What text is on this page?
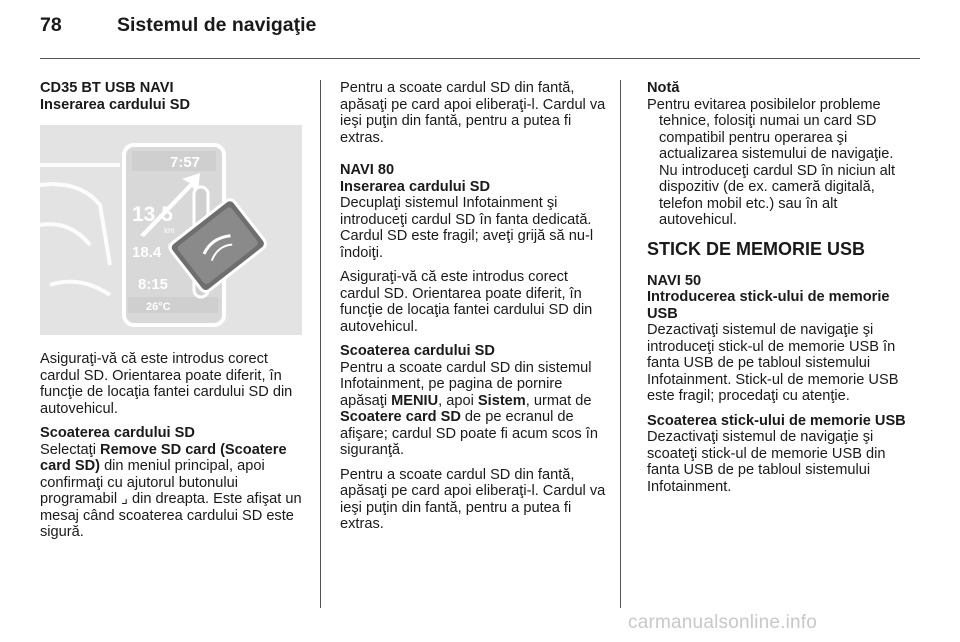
78	Sistemul de navigaţie
CD35 BT USB NAVI
Inserarea cardului SD
7:57
13.5
km
18.4
8:15
26°C

Asiguraţi-vă că este introdus corect cardul SD. Orientarea poate diferit, în funcţie de locaţia fantei cardului SD din autovehicul.

Scoaterea cardului SD

Selectaţi Remove SD card (Scoatere card SD) din meniul principal, apoi confirmaţi cu ajutorul butonului programabil ⌟ din dreapta. Este afişat un mesaj când scoaterea cardului SD este sigură.

Pentru a scoate cardul SD din fantă, apăsaţi pe card apoi eliberaţi-l. Cardul va ieşi puţin din fantă, pentru a putea fi extras.

NAVI 80
Inserarea cardului SD

Decuplaţi sistemul Infotainment şi introduceţi cardul SD în fanta dedicată. Cardul SD este fragil; aveţi grijă să nu-l îndoiţi.

Asiguraţi-vă că este introdus corect cardul SD. Orientarea poate diferit, în funcţie de locaţia fantei cardului SD din autovehicul.

Scoaterea cardului SD

Pentru a scoate cardul SD din sistemul Infotainment, pe pagina de pornire apăsaţi MENIU, apoi Sistem, urmat de Scoatere card SD de pe ecranul de afişare; cardul SD poate fi acum scos în siguranţă.

Pentru a scoate cardul SD din fantă, apăsaţi pe card apoi eliberaţi-l. Cardul va ieşi puţin din fantă, pentru a putea fi extras.

Notă
Pentru evitarea posibilelor probleme
tehnice, folosiţi numai un card SD compatibil pentru operarea şi actualizarea sistemului de navigaţie. Nu introduceţi cardul SD în niciun alt dispozitiv (de ex. cameră digitală, telefon mobil etc.) sau în alt autovehicul.
STICK DE MEMORIE USB
NAVI 50
Introducerea stick-ului de memorie USB

Dezactivaţi sistemul de navigaţie şi introduceţi stick-ul de memorie USB în fanta USB de pe tabloul sistemului Infotainment. Stick-ul de memorie USB este fragil; procedaţi cu atenţie.

Scoaterea stick-ului de memorie USB

Dezactivaţi sistemul de navigaţie şi scoateţi stick-ul de memorie USB din fanta USB de pe tabloul sistemului Infotainment.

carmanualsonline.info
